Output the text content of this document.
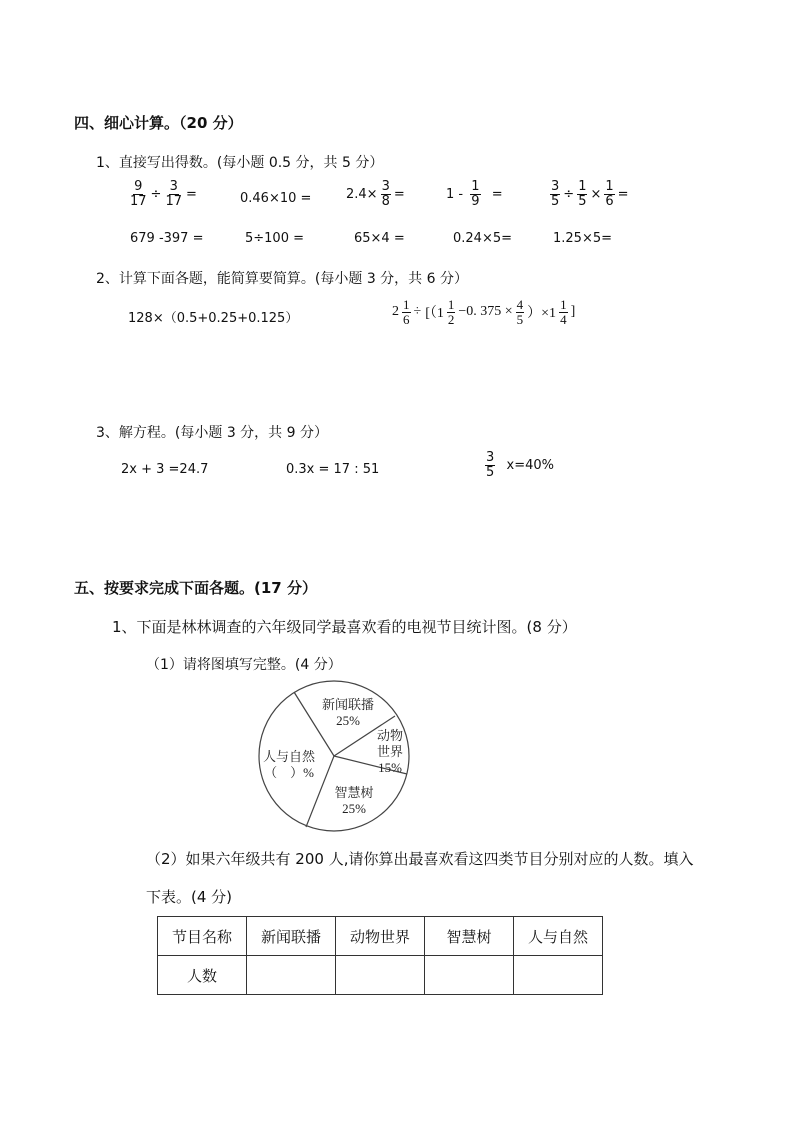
四、细心计算。（20 分）
1、直接写出得数。(每小题 0.5 分，共 5 分）
$\frac{9}{17} \div \frac{3}{17}$ =	0.46×10 =	$2.4\times \frac{3}{8}$ =	$1 - \frac{1}{9}$ =	$\frac{3}{5} \div \frac{1}{5} \times \frac{1}{6}$ =
679 -397 =	5÷100 =	65×4 =	0.24×5=	1.25×5=
2、计算下面各题，能简算要简算。(每小题 3 分，共 6 分）
128×（0.5+0.25+0.125）	$2 \frac{1}{6} \div [(1 \frac{1}{2} -0$. $375 \times \frac{4}{5} )\times 1 \frac{1}{4}$ ]
3、解方程。(每小题 3 分，共 9 分）
2x + 3 =24.7	0.3x = 17 : 51	$\frac{3}{5} x=40\%$
五、按要求完成下面各题。(17 分）
1、下面是林林调查的六年级同学最喜欢看的电视节目统计图。(8 分）
（1）请将图填写完整。(4 分）
新闻联播
25%
动物
世界
15%
智慧树
25%
人与自然
（　）%
（2）如果六年级共有 200 人,请你算出最喜欢看这四类节目分别对应的人数。填入
下表。(4 分)
节目名称	新闻联播	动物世界	智慧树	人与自然
人数				
